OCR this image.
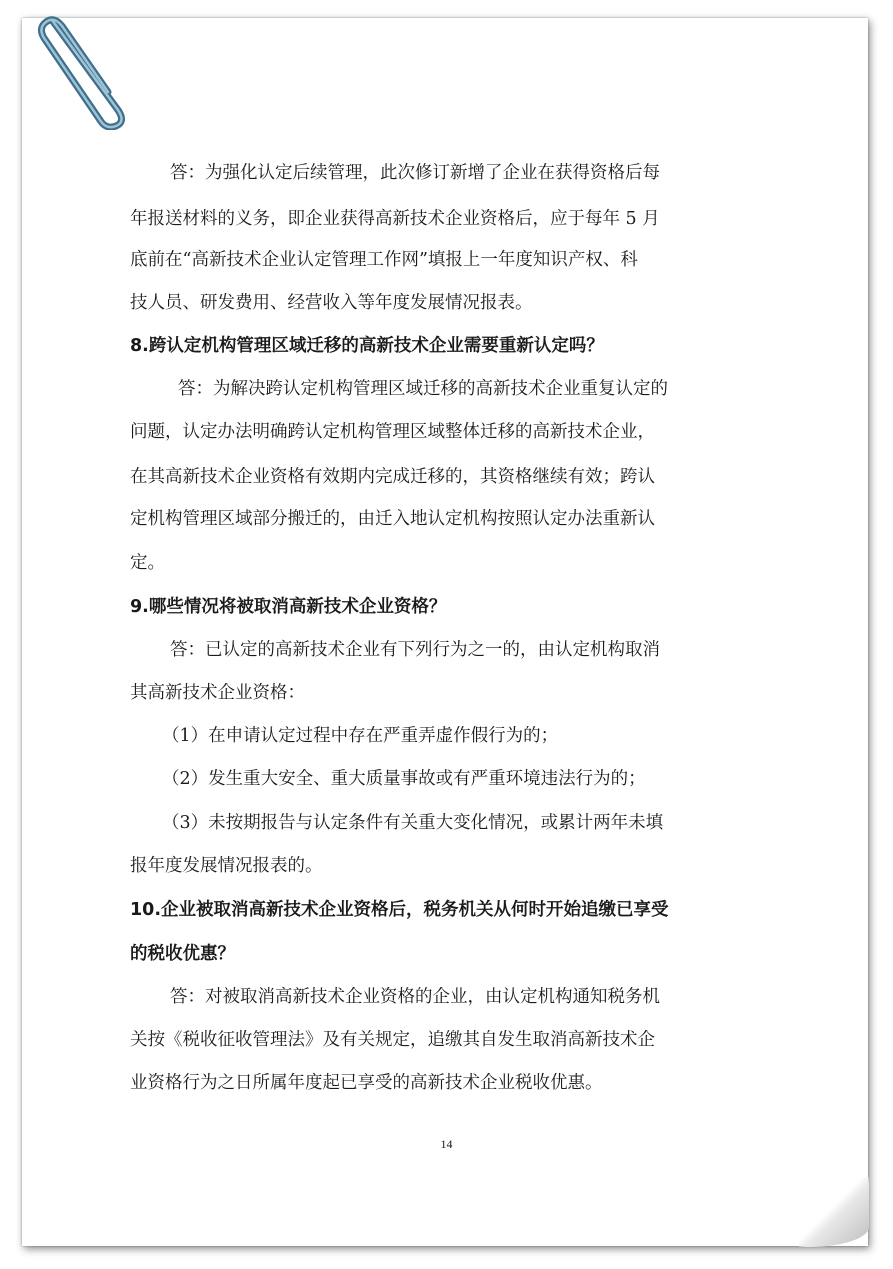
答：为强化认定后续管理，此次修订新增了企业在获得资格后每
年报送材料的义务，即企业获得高新技术企业资格后，应于每年 5 月
底前在“高新技术企业认定管理工作网”填报上一年度知识产权、科
技人员、研发费用、经营收入等年度发展情况报表。
8.跨认定机构管理区域迁移的高新技术企业需要重新认定吗？
答：为解决跨认定机构管理区域迁移的高新技术企业重复认定的
问题，认定办法明确跨认定机构管理区域整体迁移的高新技术企业，
在其高新技术企业资格有效期内完成迁移的，其资格继续有效；跨认
定机构管理区域部分搬迁的，由迁入地认定机构按照认定办法重新认
定。
9.哪些情况将被取消高新技术企业资格？
答：已认定的高新技术企业有下列行为之一的，由认定机构取消
其高新技术企业资格：
（1）在申请认定过程中存在严重弄虚作假行为的；
（2）发生重大安全、重大质量事故或有严重环境违法行为的；
（3）未按期报告与认定条件有关重大变化情况，或累计两年未填
报年度发展情况报表的。
10.企业被取消高新技术企业资格后，税务机关从何时开始追缴已享受
的税收优惠？
答：对被取消高新技术企业资格的企业，由认定机构通知税务机
关按《税收征收管理法》及有关规定，追缴其自发生取消高新技术企
业资格行为之日所属年度起已享受的高新技术企业税收优惠。
14
